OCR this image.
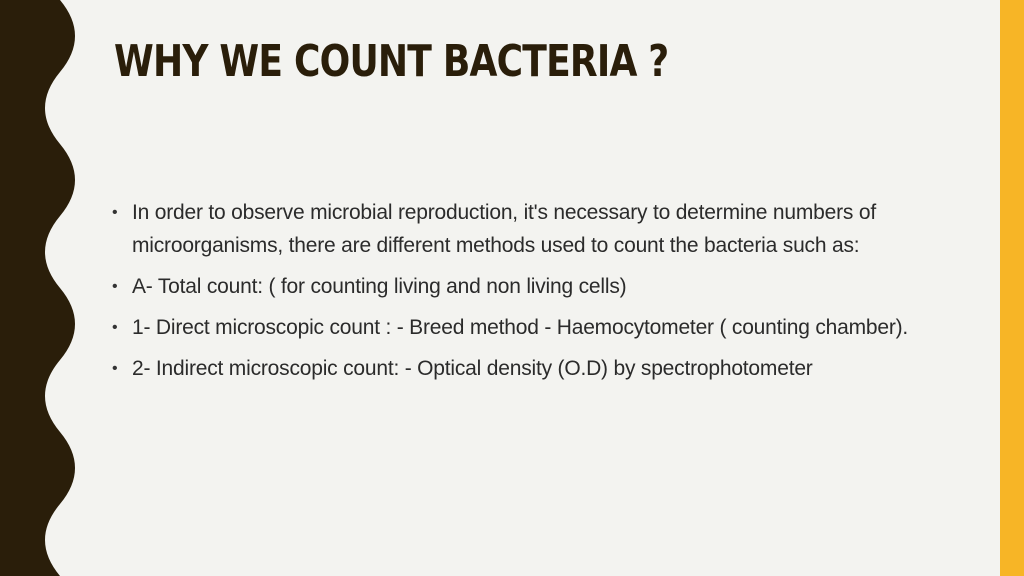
WHY WE COUNT BACTERIA ?
• In order to observe microbial reproduction, it's necessary to determine numbers of microorganisms, there are different methods used to count the bacteria such as:
• A- Total count: ( for counting living and non living cells)
• 1- Direct microscopic count : - Breed method - Haemocytometer ( counting chamber).
• 2- Indirect microscopic count: - Optical density (O.D) by spectrophotometer
